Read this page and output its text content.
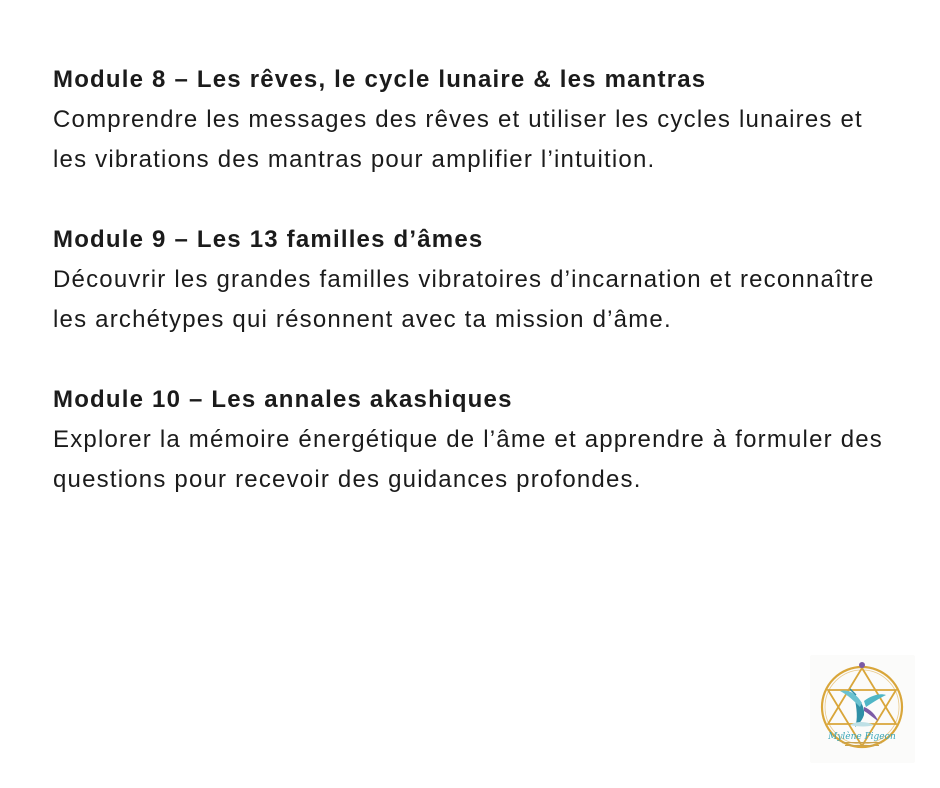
Module 8 – Les rêves, le cycle lunaire & les mantras

Comprendre les messages des rêves et utiliser les cycles lunaires et les vibrations des mantras pour amplifier l’intuition.

Module 9 – Les 13 familles d’âmes

Découvrir les grandes familles vibratoires d’incarnation et reconnaître les archétypes qui résonnent avec ta mission d’âme.

Module 10 – Les annales akashiques

Explorer la mémoire énergétique de l’âme et apprendre à formuler des questions pour recevoir des guidances profondes.

Mylène Pigeon
